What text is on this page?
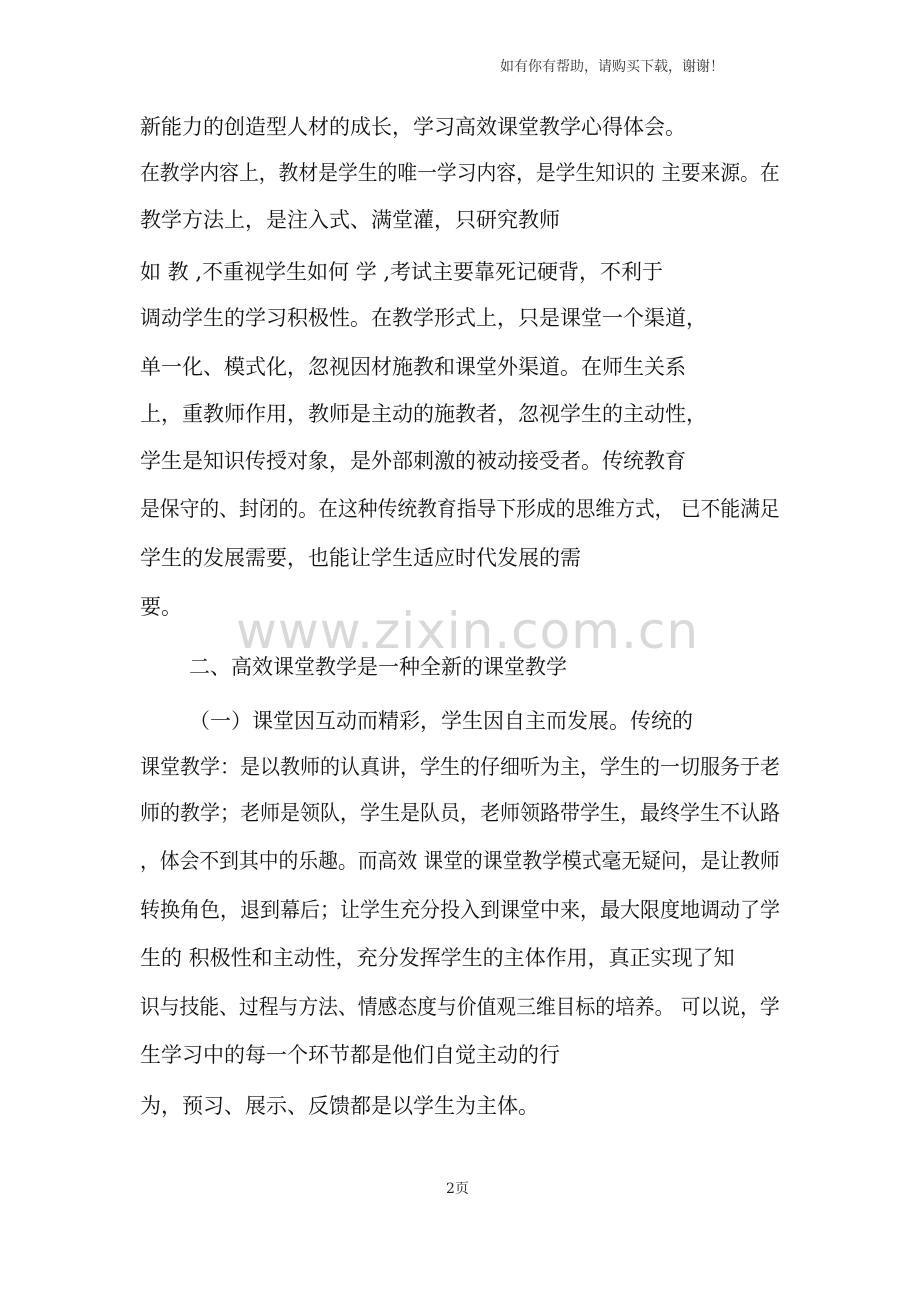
如有你有帮助，请购买下载，谢谢！
www.zixin.com.cn
新能力的创造型人材的成长，学习高效课堂教学心得体会。
在教学内容上，教材是学生的唯一学习内容，是学生知识的 主要来源。在
教学方法上，是注入式、满堂灌，只研究教师
如 教 ,不重视学生如何 学 ,考试主要靠死记硬背，不利于
调动学生的学习积极性。在教学形式上，只是课堂一个渠道，
单一化、模式化，忽视因材施教和课堂外渠道。在师生关系
上，重教师作用，教师是主动的施教者，忽视学生的主动性，
学生是知识传授对象，是外部刺激的被动接受者。传统教育
是保守的、封闭的。在这种传统教育指导下形成的思维方式， 已不能满足
学生的发展需要，也能让学生适应时代发展的需
要。
二、高效课堂教学是一种全新的课堂教学
（一）课堂因互动而精彩，学生因自主而发展。传统的
课堂教学：是以教师的认真讲，学生的仔细听为主，学生的一切服务于老
师的教学；老师是领队，学生是队员，老师领路带学生，最终学生不认路
，体会不到其中的乐趣。而高效 课堂的课堂教学模式毫无疑问，是让教师
转换角色，退到幕后；让学生充分投入到课堂中来，最大限度地调动了学
生的 积极性和主动性，充分发挥学生的主体作用，真正实现了知
识与技能、过程与方法、情感态度与价值观三维目标的培养。 可以说，学
生学习中的每一个环节都是他们自觉主动的行
为，预习、展示、反馈都是以学生为主体。
2页
